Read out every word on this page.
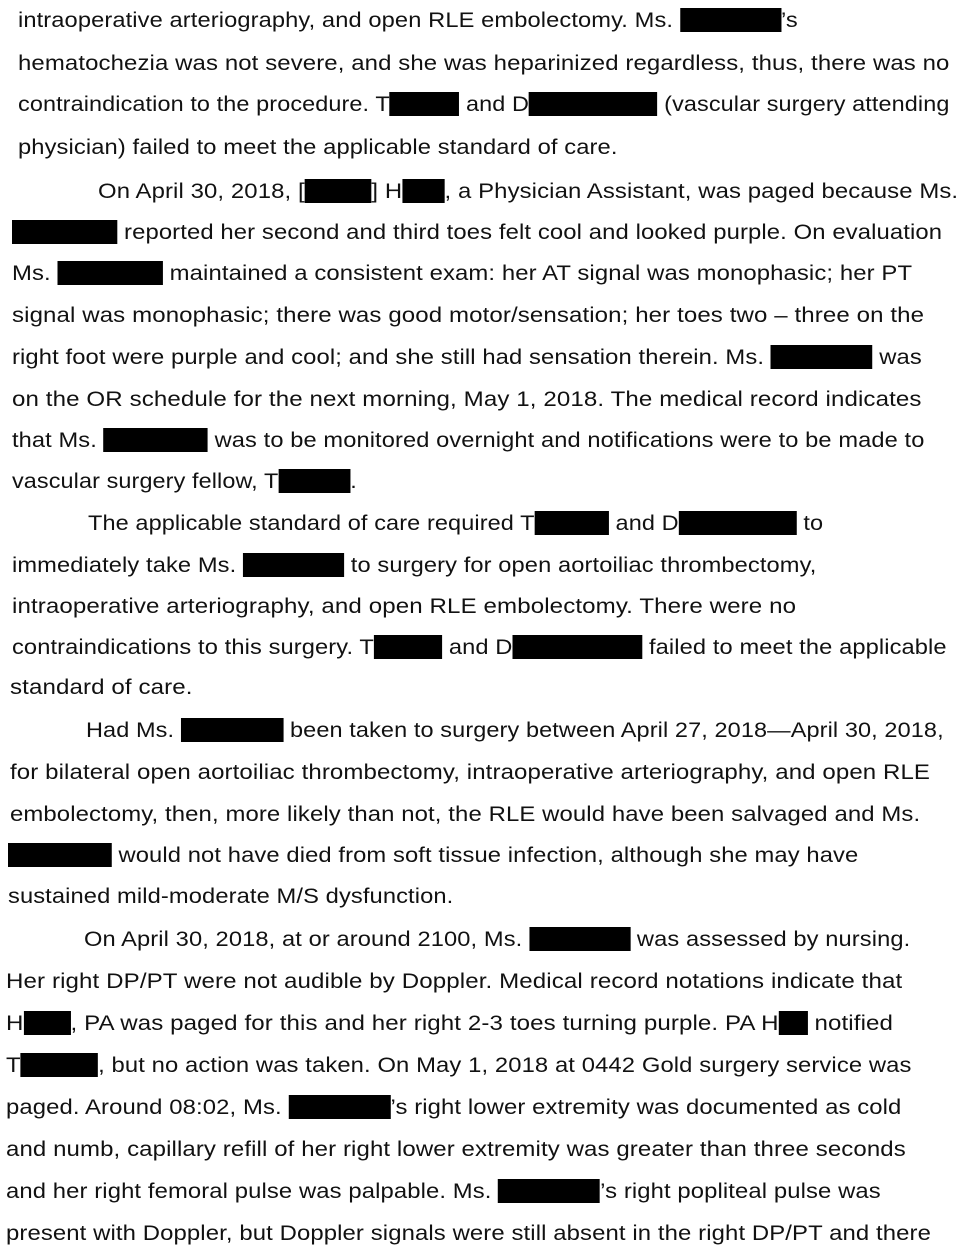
intraoperative arteriography, and open RLE embolectomy. Ms.	’s
hematochezia was not severe, and she was heparinized regardless, thus, there was no
contraindication to the procedure. T	and D	(vascular surgery attending
physician) failed to meet the applicable standard of care.
On April 30, 2018, [	] H , a Physician Assistant, was paged because Ms.
reported her second and third toes felt cool and looked purple. On evaluation
Ms.	maintained a consistent exam: her AT signal was monophasic; her PT
signal was monophasic; there was good motor/sensation; her toes two – three on the
right foot were purple and cool; and she still had sensation therein. Ms.	was
on the OR schedule for the next morning, May 1, 2018. The medical record indicates
that Ms.	was to be monitored overnight and notifications were to be made to
vascular surgery fellow, T	.
The applicable standard of care required T	and D	to
immediately take Ms.	to surgery for open aortoiliac thrombectomy,
intraoperative arteriography, and open RLE embolectomy. There were no
contraindications to this surgery. T	and D	failed to meet the applicable
standard of care.
Had Ms.	been taken to surgery between April 27, 2018—April 30, 2018,
for bilateral open aortoiliac thrombectomy, intraoperative arteriography, and open RLE
embolectomy, then, more likely than not, the RLE would have been salvaged and Ms.
would not have died from soft tissue infection, although she may have
sustained mild-moderate M/S dysfunction.
On April 30, 2018, at or around 2100, Ms.	was assessed by nursing.
Her right DP/PT were not audible by Doppler. Medical record notations indicate that
H , PA was paged for this and her right 2-3 toes turning purple. PA H notified
T	, but no action was taken. On May 1, 2018 at 0442 Gold surgery service was
paged. Around 08:02, Ms.	’s right lower extremity was documented as cold
and numb, capillary refill of her right lower extremity was greater than three seconds
and her right femoral pulse was palpable. Ms.	’s right popliteal pulse was
present with Doppler, but Doppler signals were still absent in the right DP/PT and there
